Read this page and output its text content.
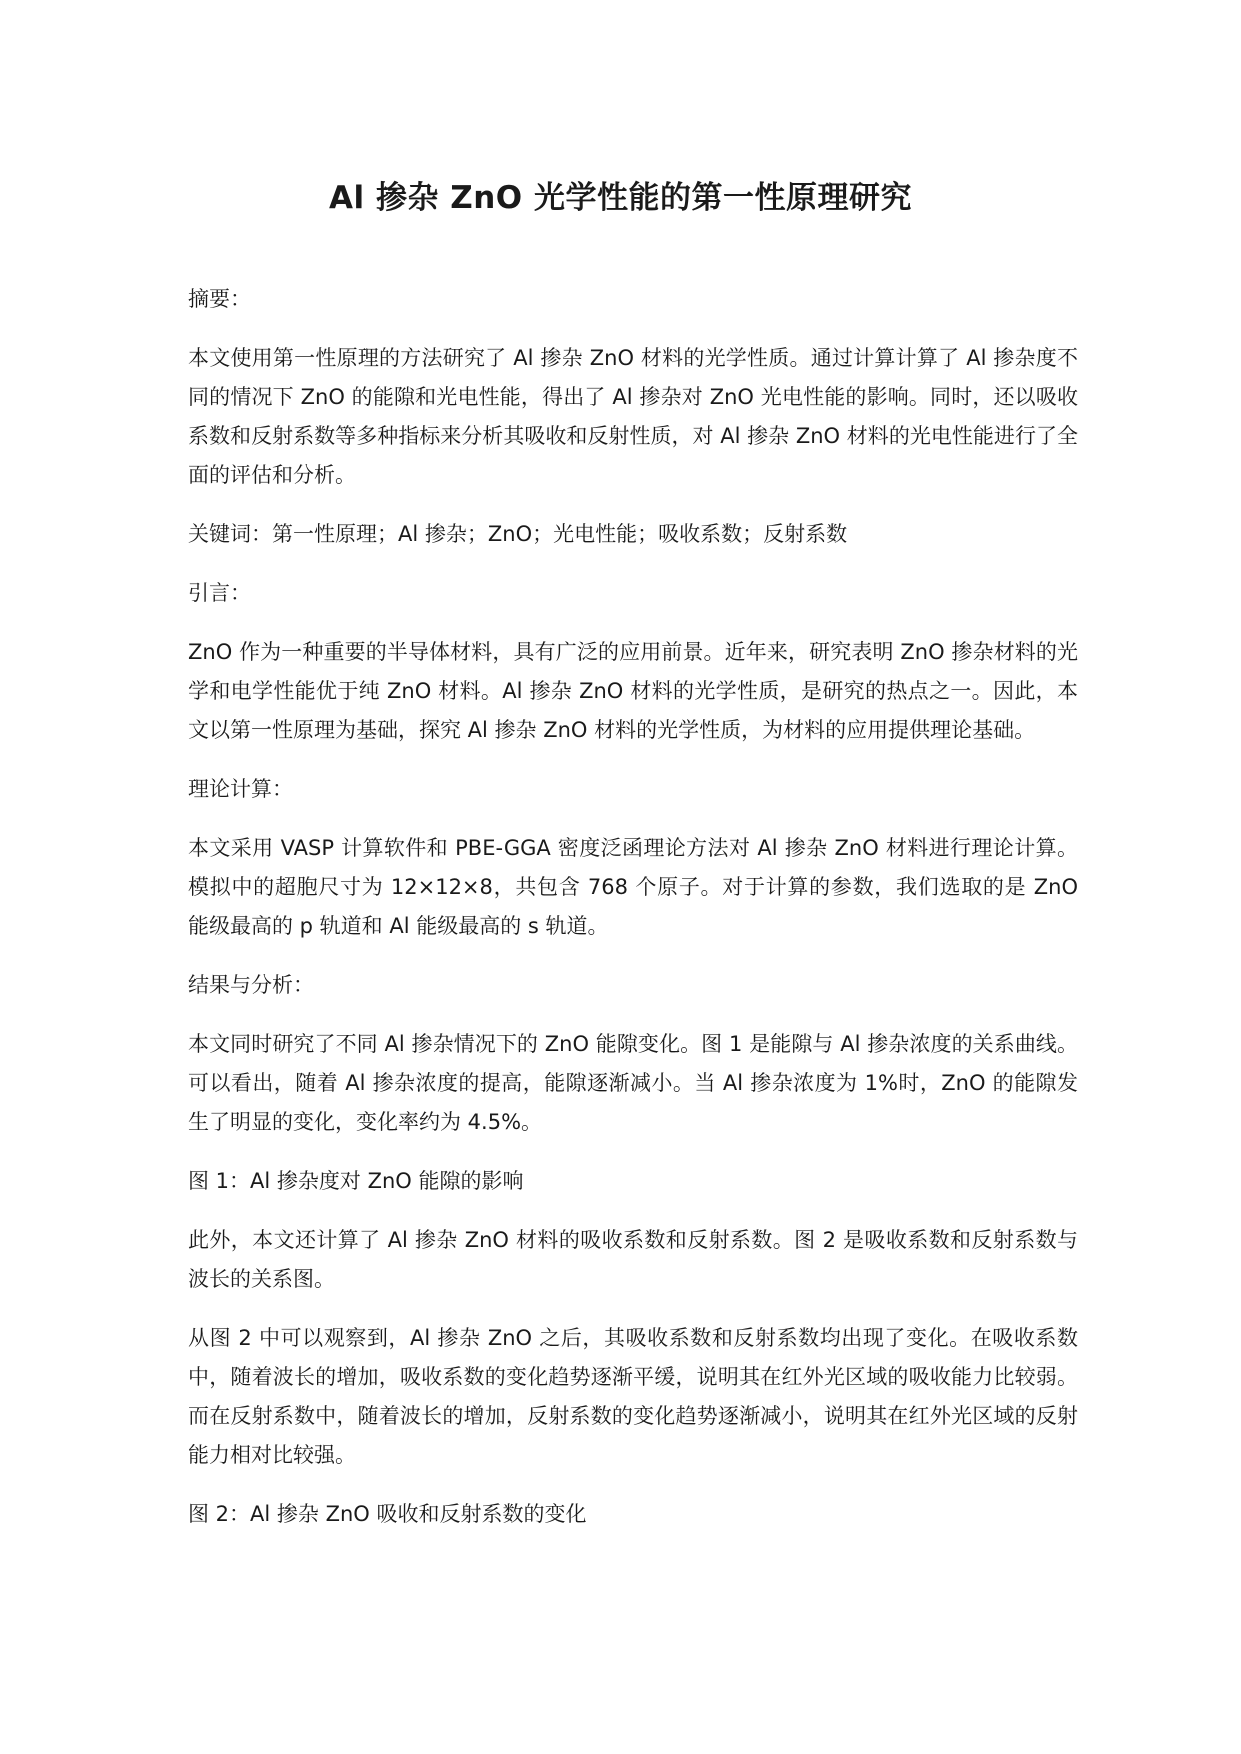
Al 掺杂 ZnO 光学性能的第一性原理研究

摘要：

本文使用第一性原理的方法研究了 Al 掺杂 ZnO 材料的光学性质。通过计算计算了 Al 掺杂度不同的情况下 ZnO 的能隙和光电性能，得出了 Al 掺杂对 ZnO 光电性能的影响。同时，还以吸收系数和反射系数等多种指标来分析其吸收和反射性质，对 Al 掺杂 ZnO 材料的光电性能进行了全面的评估和分析。

关键词：第一性原理；Al 掺杂；ZnO；光电性能；吸收系数；反射系数

引言：

ZnO 作为一种重要的半导体材料，具有广泛的应用前景。近年来，研究表明 ZnO 掺杂材料的光学和电学性能优于纯 ZnO 材料。Al 掺杂 ZnO 材料的光学性质，是研究的热点之一。因此，本文以第一性原理为基础，探究 Al 掺杂 ZnO 材料的光学性质，为材料的应用提供理论基础。

理论计算：

本文采用 VASP 计算软件和 PBE-GGA 密度泛函理论方法对 Al 掺杂 ZnO 材料进行理论计算。模拟中的超胞尺寸为 12×12×8，共包含 768 个原子。对于计算的参数，我们选取的是 ZnO 能级最高的 p 轨道和 Al 能级最高的 s 轨道。

结果与分析：

本文同时研究了不同 Al 掺杂情况下的 ZnO 能隙变化。图 1 是能隙与 Al 掺杂浓度的关系曲线。可以看出，随着 Al 掺杂浓度的提高，能隙逐渐减小。当 Al 掺杂浓度为 1%时，ZnO 的能隙发生了明显的变化，变化率约为 4.5%。

图 1：Al 掺杂度对 ZnO 能隙的影响

此外，本文还计算了 Al 掺杂 ZnO 材料的吸收系数和反射系数。图 2 是吸收系数和反射系数与波长的关系图。

从图 2 中可以观察到，Al 掺杂 ZnO 之后，其吸收系数和反射系数均出现了变化。在吸收系数中，随着波长的增加，吸收系数的变化趋势逐渐平缓，说明其在红外光区域的吸收能力比较弱。而在反射系数中，随着波长的增加，反射系数的变化趋势逐渐减小，说明其在红外光区域的反射能力相对比较强。

图 2：Al 掺杂 ZnO 吸收和反射系数的变化
